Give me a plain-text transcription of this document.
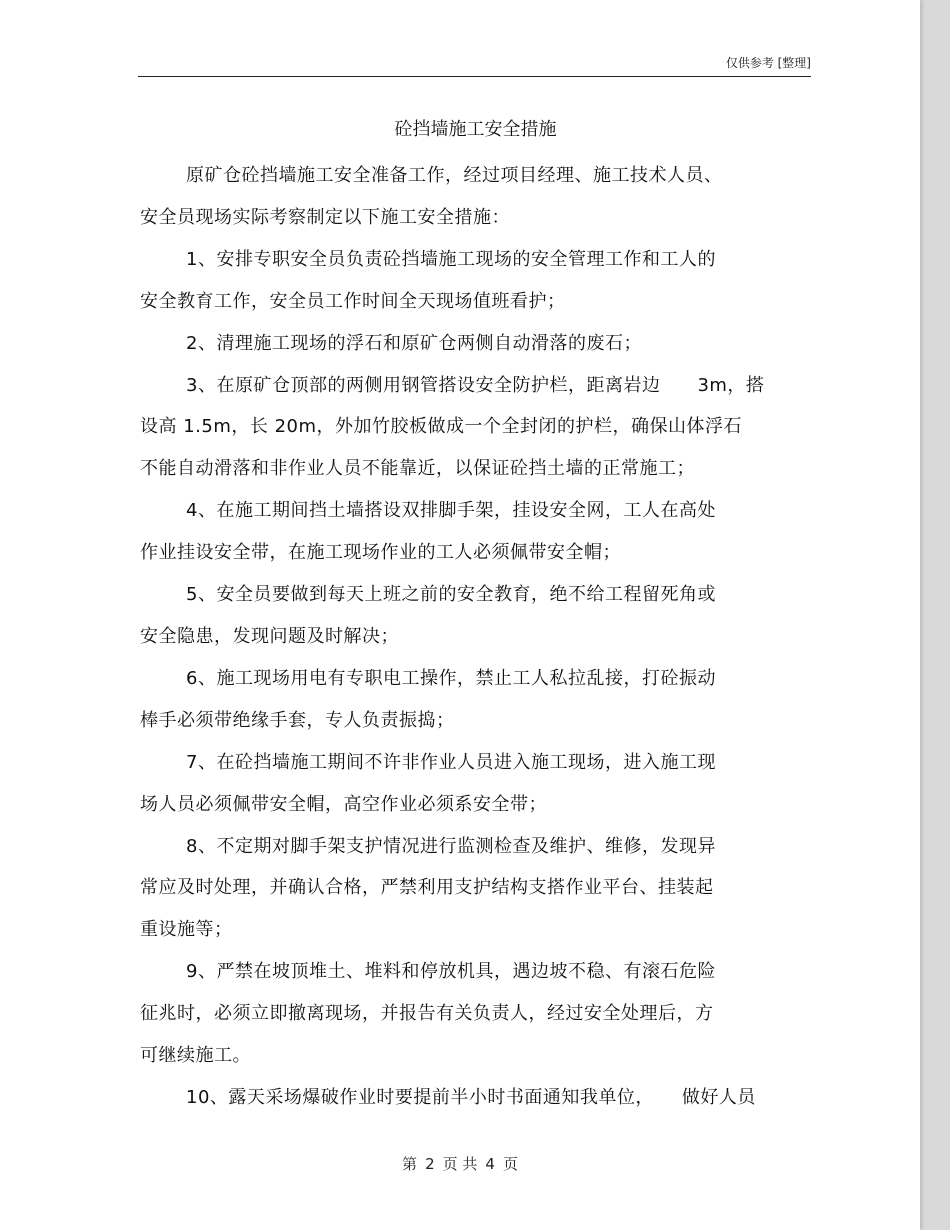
仅供参考 [整理]
砼挡墙施工安全措施

原矿仓砼挡墙施工安全准备工作，经过项目经理、施工技术人员、

安全员现场实际考察制定以下施工安全措施：

1、安排专职安全员负责砼挡墙施工现场的安全管理工作和工人的

安全教育工作，安全员工作时间全天现场值班看护；

2、清理施工现场的浮石和原矿仓两侧自动滑落的废石；

3、在原矿仓顶部的两侧用钢管搭设安全防护栏，距离岩边　　3m，搭

设高 1.5m，长 20m，外加竹胶板做成一个全封闭的护栏，确保山体浮石

不能自动滑落和非作业人员不能靠近，以保证砼挡土墙的正常施工；

4、在施工期间挡土墙搭设双排脚手架，挂设安全网，工人在高处

作业挂设安全带，在施工现场作业的工人必须佩带安全帽；

5、安全员要做到每天上班之前的安全教育，绝不给工程留死角或

安全隐患，发现问题及时解决；

6、施工现场用电有专职电工操作，禁止工人私拉乱接，打砼振动

棒手必须带绝缘手套，专人负责振捣；

7、在砼挡墙施工期间不许非作业人员进入施工现场，进入施工现

场人员必须佩带安全帽，高空作业必须系安全带；

8、不定期对脚手架支护情况进行监测检查及维护、维修，发现异

常应及时处理，并确认合格，严禁利用支护结构支搭作业平台、挂装起

重设施等；

9、严禁在坡顶堆土、堆料和停放机具，遇边坡不稳、有滚石危险

征兆时，必须立即撤离现场，并报告有关负责人，经过安全处理后，方

可继续施工。

10、露天采场爆破作业时要提前半小时书面通知我单位，　　做好人员

第 2 页 共 4 页
